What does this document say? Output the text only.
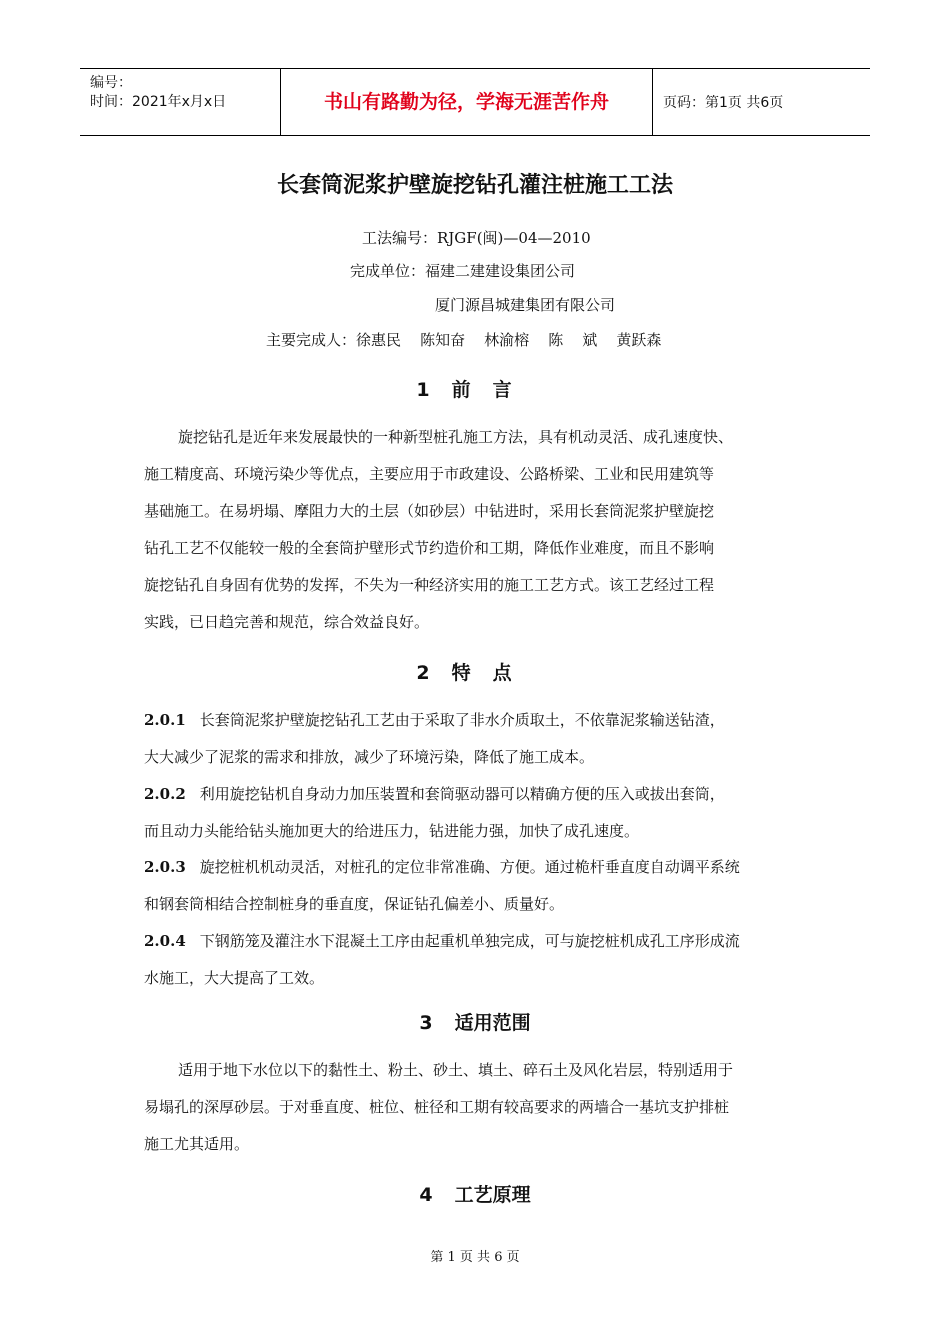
编号：
时间：2021年x月x日	书山有路勤为径，学海无涯苦作舟	页码：第1页 共6页
长套筒泥浆护壁旋挖钻孔灌注桩施工工法
工法编号：RJGF(闽)—04—2010
完成单位：福建二建建设集团公司
厦门源昌城建集团有限公司
主要完成人：徐惠民    陈知奋    林渝榕    陈    斌    黄跃森
1 前言
旋挖钻孔是近年来发展最快的一种新型桩孔施工方法，具有机动灵活、成孔速度快、
施工精度高、环境污染少等优点，主要应用于市政建设、公路桥梁、工业和民用建筑等
基础施工。在易坍塌、摩阻力大的土层（如砂层）中钻进时，采用长套筒泥浆护壁旋挖
钻孔工艺不仅能较一般的全套筒护壁形式节约造价和工期，降低作业难度，而且不影响
旋挖钻孔自身固有优势的发挥，不失为一种经济实用的施工工艺方式。该工艺经过工程
实践，已日趋完善和规范，综合效益良好。
2 特点
2.0.1 长套筒泥浆护壁旋挖钻孔工艺由于采取了非水介质取土，不依靠泥浆输送钻渣，
大大减少了泥浆的需求和排放，减少了环境污染，降低了施工成本。
2.0.2 利用旋挖钻机自身动力加压装置和套筒驱动器可以精确方便的压入或拔出套筒，
而且动力头能给钻头施加更大的给进压力，钻进能力强，加快了成孔速度。
2.0.3 旋挖桩机机动灵活，对桩孔的定位非常准确、方便。通过桅杆垂直度自动调平系统
和钢套筒相结合控制桩身的垂直度，保证钻孔偏差小、质量好。
2.0.4 下钢筋笼及灌注水下混凝土工序由起重机单独完成，可与旋挖桩机成孔工序形成流
水施工，大大提高了工效。
3 适用范围
适用于地下水位以下的黏性土、粉土、砂土、填土、碎石土及风化岩层，特别适用于
易塌孔的深厚砂层。于对垂直度、桩位、桩径和工期有较高要求的两墙合一基坑支护排桩
施工尤其适用。
4 工艺原理
第 1 页 共 6 页
